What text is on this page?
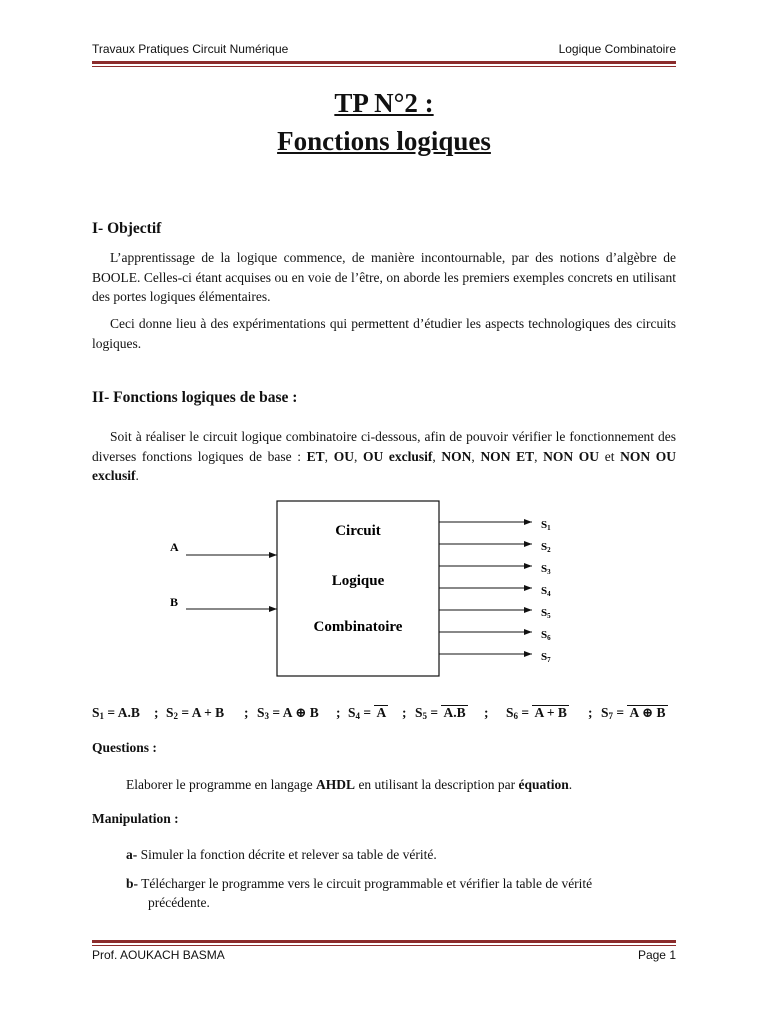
Travaux Pratiques Circuit Numérique	Logique Combinatoire
TP N°2 :
Fonctions logiques
I- Objectif
L’apprentissage de la logique commence, de manière incontournable, par des notions d’algèbre de BOOLE. Celles-ci étant acquises ou en voie de l’être, on aborde les premiers exemples concrets en utilisant des portes logiques élémentaires.
Ceci donne lieu à des expérimentations qui permettent d’étudier les aspects technologiques des circuits logiques.
II- Fonctions logiques de base :
Soit à réaliser le circuit logique combinatoire ci-dessous, afin de pouvoir vérifier le fonctionnement des diverses fonctions logiques de base : ET, OU, OU exclusif, NON, NON ET, NON OU et NON OU exclusif.
Circuit
Logique
Combinatoire
A
B
S1
S2
S3
S4
S5
S6
S7
$S_1 = A.B$ ; $S_2 = A + B$ ; $S_3 = A$ ⊕ B ; $S_4 = A$ ; $S_5 = A.B$ ; $S_6 = A + B$ ; $S_7 = A$ ⊕ B
Questions :
Elaborer le programme en langage AHDL en utilisant la description par équation.
Manipulation :
a- Simuler la fonction décrite et relever sa table de vérité.
b- Télécharger le programme vers le circuit programmable et vérifier la table de vérité
précédente.
Prof. AOUKACH BASMA	Page 1
